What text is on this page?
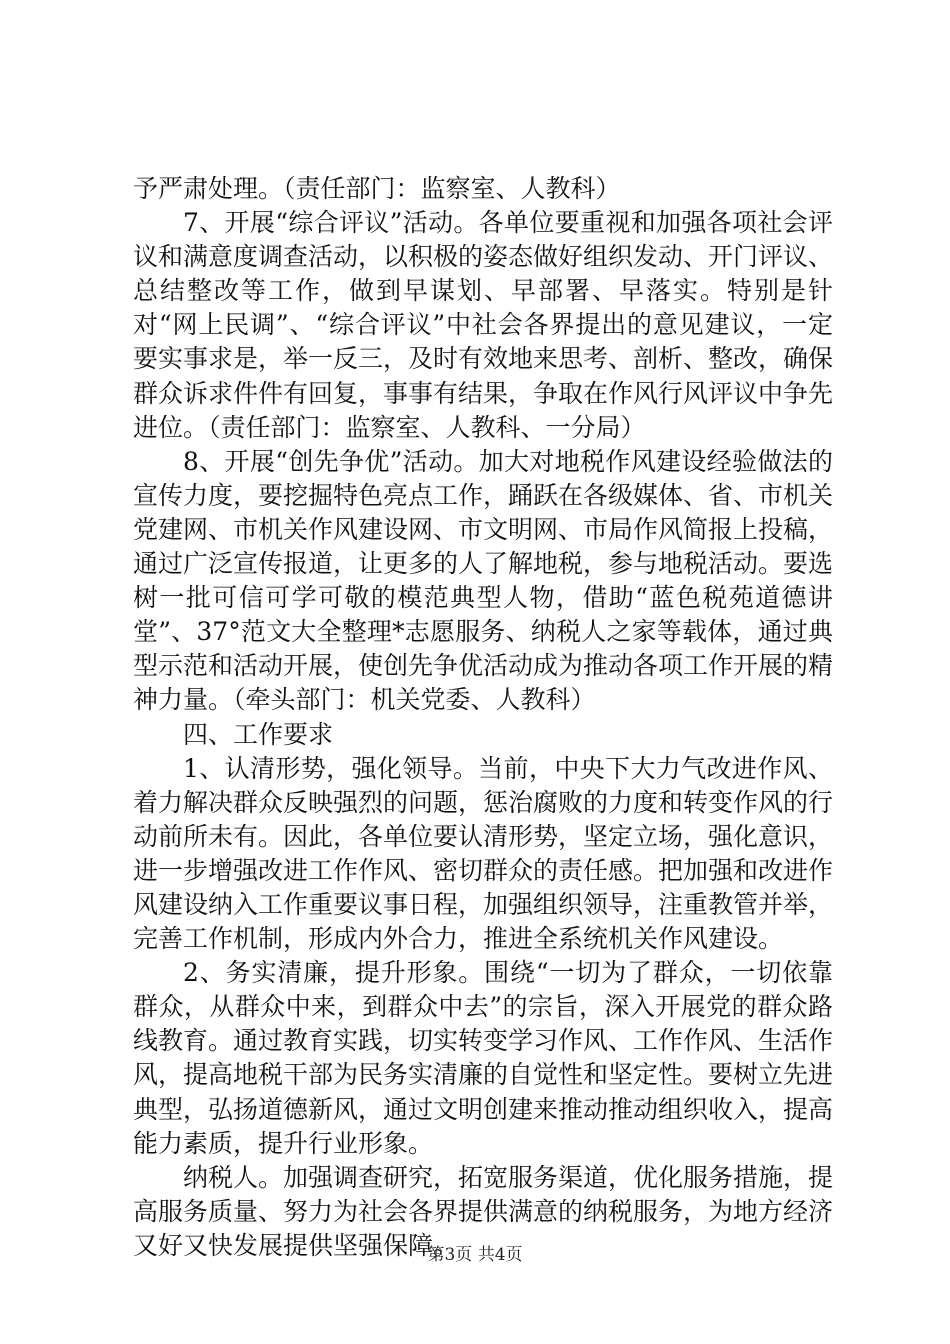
予严肃处理。（责任部门：监察室、人教科）

7、开展“综合评议”活动。各单位要重视和加强各项社会评议和满意度调查活动，以积极的姿态做好组织发动、开门评议、总结整改等工作，做到早谋划、早部署、早落实。特别是针对“网上民调”、“综合评议”中社会各界提出的意见建议，一定要实事求是，举一反三，及时有效地来思考、剖析、整改，确保群众诉求件件有回复，事事有结果，争取在作风行风评议中争先进位。（责任部门：监察室、人教科、一分局）

8、开展“创先争优”活动。加大对地税作风建设经验做法的宣传力度，要挖掘特色亮点工作，踊跃在各级媒体、省、市机关党建网、市机关作风建设网、市文明网、市局作风简报上投稿，通过广泛宣传报道，让更多的人了解地税，参与地税活动。要选树一批可信可学可敬的模范典型人物，借助“蓝色税苑道德讲堂”、37°范文大全整理*志愿服务、纳税人之家等载体，通过典型示范和活动开展，使创先争优活动成为推动各项工作开展的精神力量。（牵头部门：机关党委、人教科）

四、工作要求

1、认清形势，强化领导。当前，中央下大力气改进作风、着力解决群众反映强烈的问题，惩治腐败的力度和转变作风的行动前所未有。因此，各单位要认清形势，坚定立场，强化意识，进一步增强改进工作作风、密切群众的责任感。把加强和改进作风建设纳入工作重要议事日程，加强组织领导，注重教管并举，完善工作机制，形成内外合力，推进全系统机关作风建设。

2、务实清廉，提升形象。围绕“一切为了群众，一切依靠群众，从群众中来，到群众中去”的宗旨，深入开展党的群众路线教育。通过教育实践，切实转变学习作风、工作作风、生活作风，提高地税干部为民务实清廉的自觉性和坚定性。要树立先进典型，弘扬道德新风，通过文明创建来推动推动组织收入，提高能力素质，提升行业形象。

纳税人。加强调查研究，拓宽服务渠道，优化服务措施，提高服务质量、努力为社会各界提供满意的纳税服务，为地方经济又好又快发展提供坚强保障。

第3页 共4页
